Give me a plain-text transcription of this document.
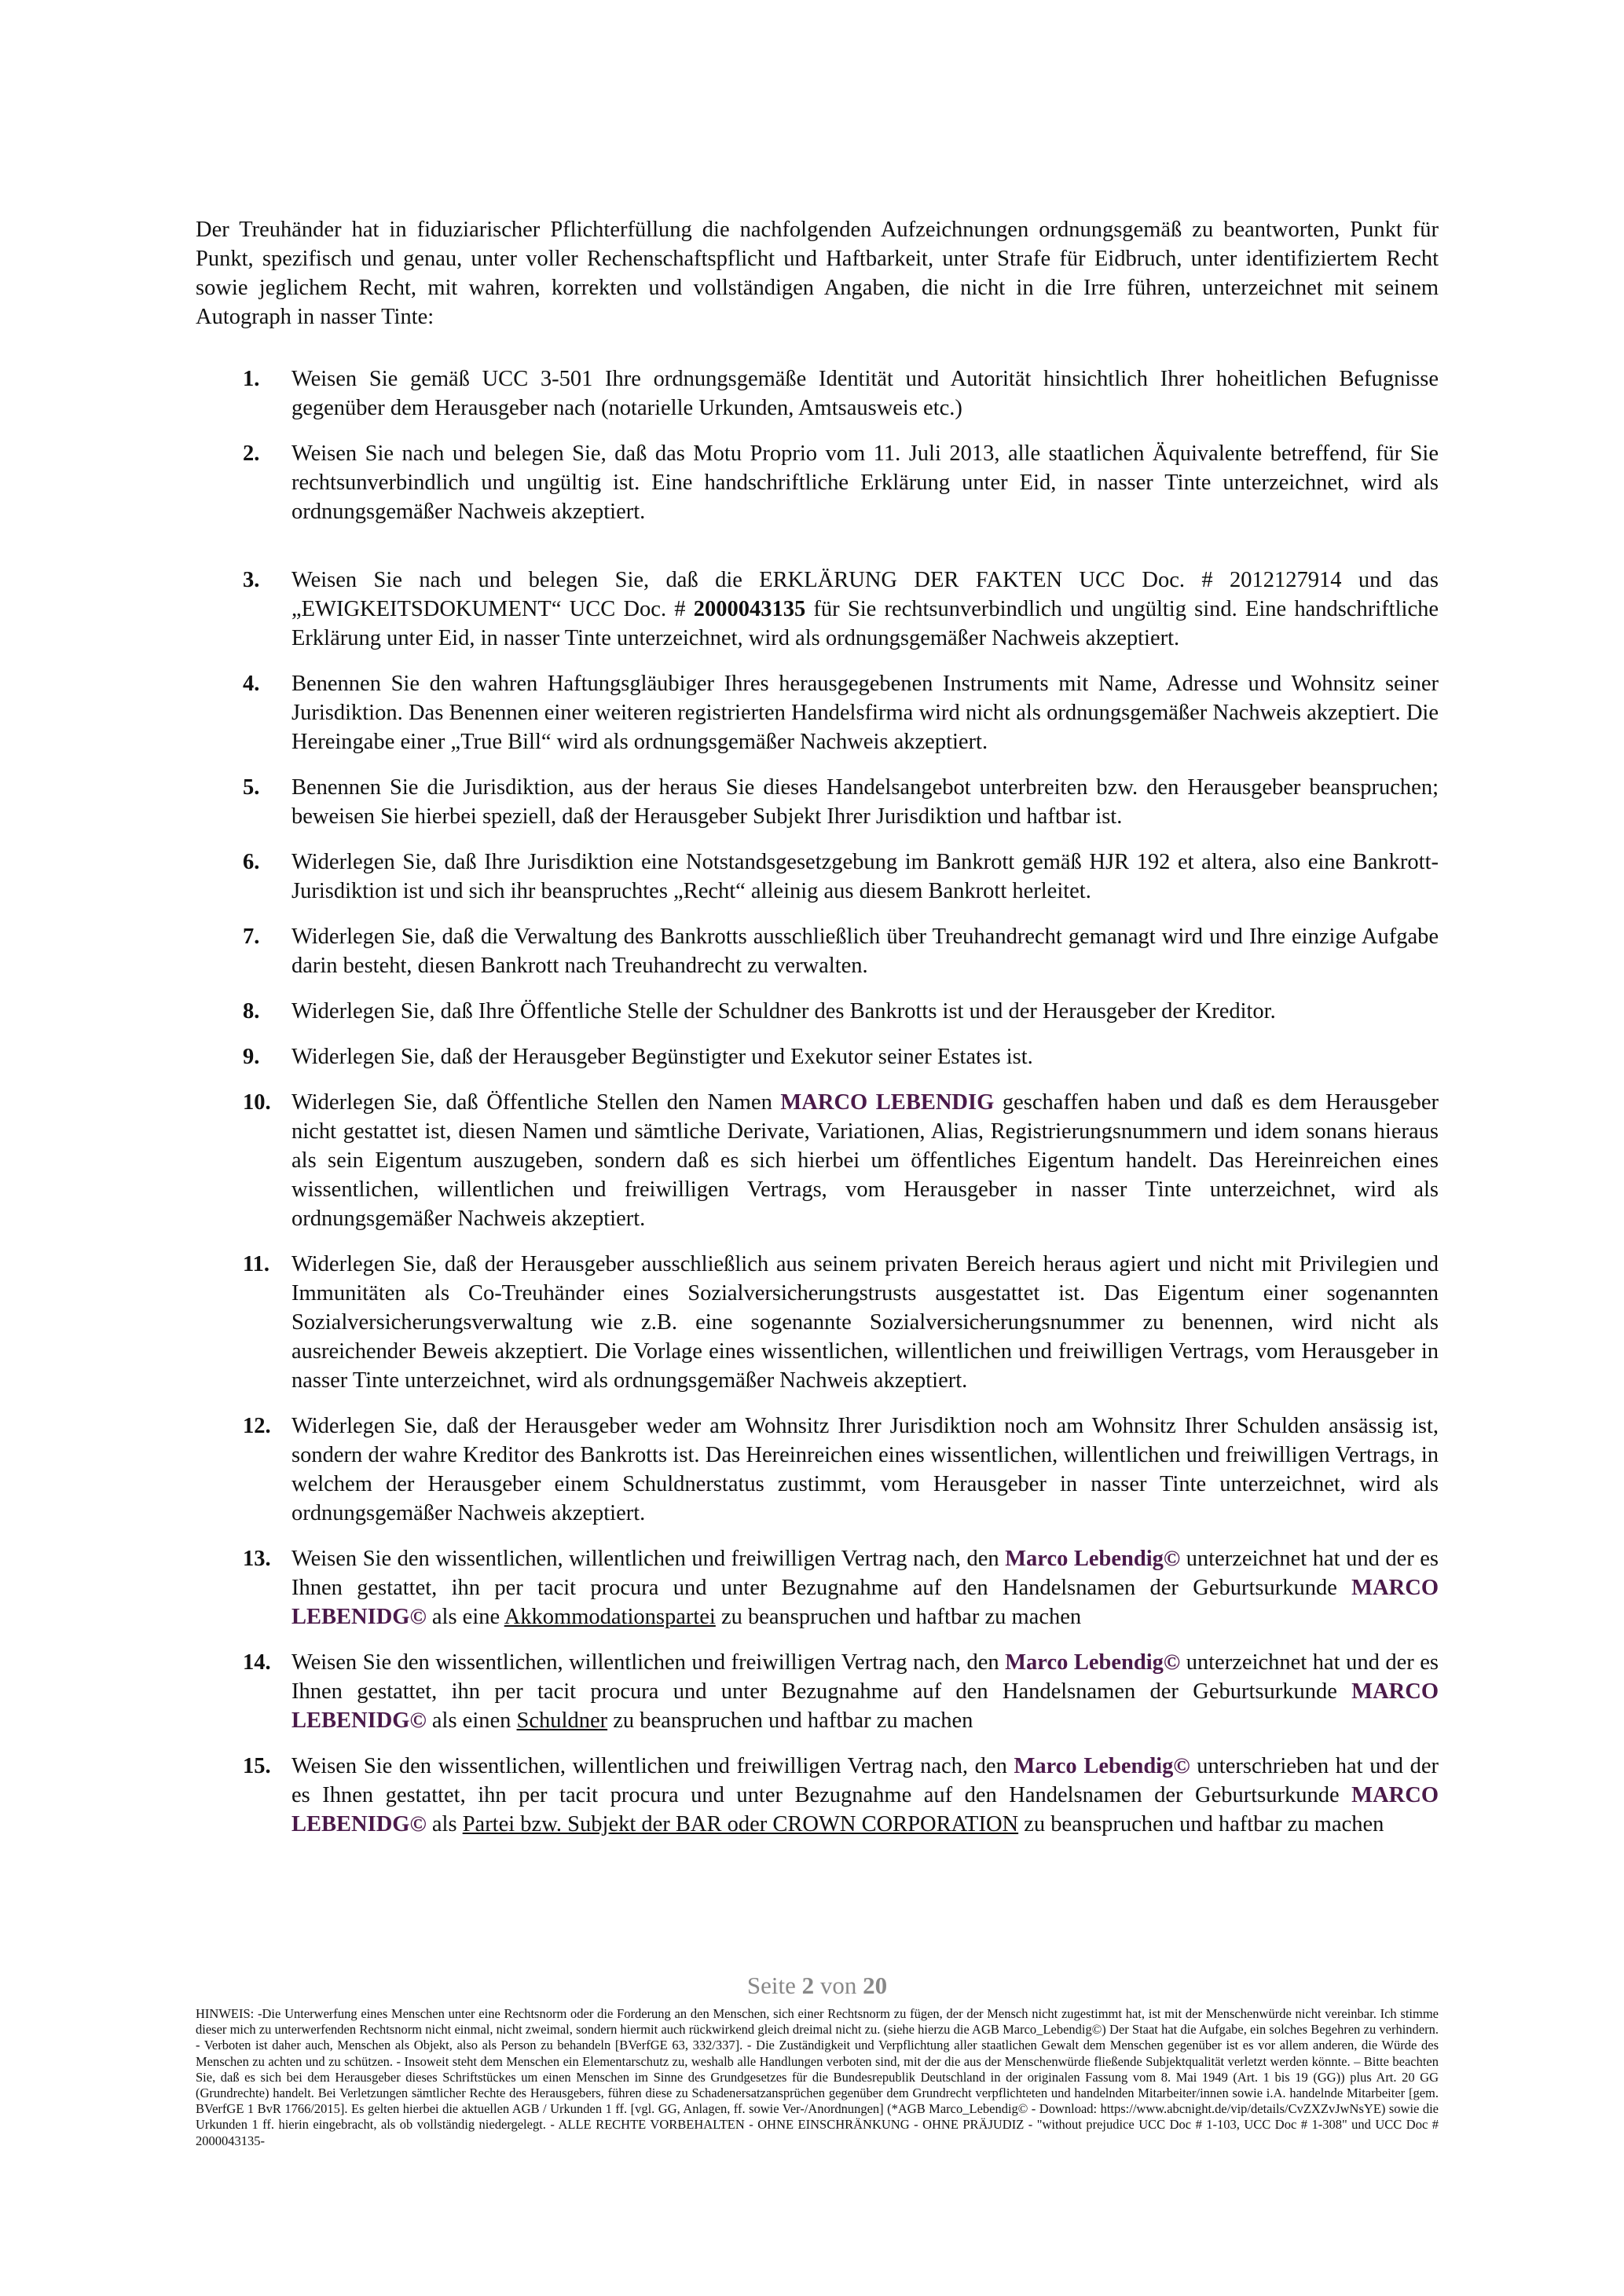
Der Treuhänder hat in fiduziarischer Pflichterfüllung die nachfolgenden Aufzeichnungen ordnungsgemäß zu beantworten, Punkt für Punkt, spezifisch und genau, unter voller Rechenschaftspflicht und Haftbarkeit, unter Strafe für Eidbruch, unter identifiziertem Recht sowie jeglichem Recht, mit wahren, korrekten und vollständigen Angaben, die nicht in die Irre führen, unterzeichnet mit seinem Autograph in nasser Tinte:

1.	Weisen Sie gemäß UCC 3-501 Ihre ordnungsgemäße Identität und Autorität hinsichtlich Ihrer hoheitlichen Befugnisse gegenüber dem Herausgeber nach (notarielle Urkunden, Amtsausweis etc.)
2.	Weisen Sie nach und belegen Sie, daß das Motu Proprio vom 11. Juli 2013, alle staatlichen Äquivalente betreffend, für Sie rechtsunverbindlich und ungültig ist. Eine handschriftliche Erklärung unter Eid, in nasser Tinte unterzeichnet, wird als ordnungsgemäßer Nachweis akzeptiert.
3.	Weisen Sie nach und belegen Sie, daß die ERKLÄRUNG DER FAKTEN UCC Doc. # 2012127914 und das „EWIGKEITSDOKUMENT“ UCC Doc. # 2000043135 für Sie rechtsunverbindlich und ungültig sind. Eine handschriftliche Erklärung unter Eid, in nasser Tinte unterzeichnet, wird als ordnungsgemäßer Nachweis akzeptiert.
4.	Benennen Sie den wahren Haftungsgläubiger Ihres herausgegebenen Instruments mit Name, Adresse und Wohnsitz seiner Jurisdiktion. Das Benennen einer weiteren registrierten Handelsfirma wird nicht als ordnungsgemäßer Nachweis akzeptiert. Die Hereingabe einer „True Bill“ wird als ordnungsgemäßer Nachweis akzeptiert.
5.	Benennen Sie die Jurisdiktion, aus der heraus Sie dieses Handelsangebot unterbreiten bzw. den Herausgeber beanspruchen; beweisen Sie hierbei speziell, daß der Herausgeber Subjekt Ihrer Jurisdiktion und haftbar ist.
6.	Widerlegen Sie, daß Ihre Jurisdiktion eine Notstandsgesetzgebung im Bankrott gemäß HJR 192 et altera, also eine Bankrott-Jurisdiktion ist und sich ihr beanspruchtes „Recht“ alleinig aus diesem Bankrott herleitet.
7.	Widerlegen Sie, daß die Verwaltung des Bankrotts ausschließlich über Treuhandrecht gemanagt wird und Ihre einzige Aufgabe darin besteht, diesen Bankrott nach Treuhandrecht zu verwalten.
8.	Widerlegen Sie, daß Ihre Öffentliche Stelle der Schuldner des Bankrotts ist und der Herausgeber der Kreditor.
9.	Widerlegen Sie, daß der Herausgeber Begünstigter und Exekutor seiner Estates ist.
10. Widerlegen Sie, daß Öffentliche Stellen den Namen MARCO LEBENDIG geschaffen haben und daß es dem Herausgeber nicht gestattet ist, diesen Namen und sämtliche Derivate, Variationen, Alias, Registrierungsnummern und idem sonans hieraus als sein Eigentum auszugeben, sondern daß es sich hierbei um öffentliches Eigentum handelt. Das Hereinreichen eines wissentlichen, willentlichen und freiwilligen Vertrags, vom Herausgeber in nasser Tinte unterzeichnet, wird als ordnungsgemäßer Nachweis akzeptiert.
11. Widerlegen Sie, daß der Herausgeber ausschließlich aus seinem privaten Bereich heraus agiert und nicht mit Privilegien und Immunitäten als Co-Treuhänder eines Sozialversicherungstrusts ausgestattet ist. Das Eigentum einer sogenannten Sozialversicherungsverwaltung wie z.B. eine sogenannte Sozialversicherungsnummer zu benennen, wird nicht als ausreichender Beweis akzeptiert. Die Vorlage eines wissentlichen, willentlichen und freiwilligen Vertrags, vom Herausgeber in nasser Tinte unterzeichnet, wird als ordnungsgemäßer Nachweis akzeptiert.
12. Widerlegen Sie, daß der Herausgeber weder am Wohnsitz Ihrer Jurisdiktion noch am Wohnsitz Ihrer Schulden ansässig ist, sondern der wahre Kreditor des Bankrotts ist. Das Hereinreichen eines wissentlichen, willentlichen und freiwilligen Vertrags, in welchem der Herausgeber einem Schuldnerstatus zustimmt, vom Herausgeber in nasser Tinte unterzeichnet, wird als ordnungsgemäßer Nachweis akzeptiert.
13. Weisen Sie den wissentlichen, willentlichen und freiwilligen Vertrag nach, den Marco Lebendig© unterzeichnet hat und der es Ihnen gestattet, ihn per tacit procura und unter Bezugnahme auf den Handelsnamen der Geburtsurkunde MARCO LEBENIDG© als eine Akkommodationspartei zu beanspruchen und haftbar zu machen
14. Weisen Sie den wissentlichen, willentlichen und freiwilligen Vertrag nach, den Marco Lebendig© unterzeichnet hat und der es Ihnen gestattet, ihn per tacit procura und unter Bezugnahme auf den Handelsnamen der Geburtsurkunde MARCO LEBENIDG© als einen Schuldner zu beanspruchen und haftbar zu machen
15. Weisen Sie den wissentlichen, willentlichen und freiwilligen Vertrag nach, den Marco Lebendig© unterschrieben hat und der es Ihnen gestattet, ihn per tacit procura und unter Bezugnahme auf den Handelsnamen der Geburtsurkunde MARCO LEBENIDG© als Partei bzw. Subjekt der BAR oder CROWN CORPORATION zu beanspruchen und haftbar zu machen

Seite 2 von 20

HINWEIS: -Die Unterwerfung eines Menschen unter eine Rechtsnorm oder die Forderung an den Menschen, sich einer Rechtsnorm zu fügen, der der Mensch nicht zugestimmt hat, ist mit der Menschenwürde nicht vereinbar. Ich stimme dieser mich zu unterwerfenden Rechtsnorm nicht einmal, nicht zweimal, sondern hiermit auch rückwirkend gleich dreimal nicht zu. (siehe hierzu die AGB Marco_Lebendig©) Der Staat hat die Aufgabe, ein solches Begehren zu verhindern. - Verboten ist daher auch, Menschen als Objekt, also als Person zu behandeln [BVerfGE 63, 332/337]. - Die Zuständigkeit und Verpflichtung aller staatlichen Gewalt dem Menschen gegenüber ist es vor allem anderen, die Würde des Menschen zu achten und zu schützen. - Insoweit steht dem Menschen ein Elementarschutz zu, weshalb alle Handlungen verboten sind, mit der die aus der Menschenwürde fließende Subjektqualität verletzt werden könnte. – Bitte beachten Sie, daß es sich bei dem Herausgeber dieses Schriftstückes um einen Menschen im Sinne des Grundgesetzes für die Bundesrepublik Deutschland in der originalen Fassung vom 8. Mai 1949 (Art. 1 bis 19 (GG)) plus Art. 20 GG (Grundrechte) handelt. Bei Verletzungen sämtlicher Rechte des Herausgebers, führen diese zu Schadenersatzansprüchen gegenüber dem Grundrecht verpflichteten und handelnden Mitarbeiter/innen sowie i.A. handelnde Mitarbeiter [gem. BVerfGE 1 BvR 1766/2015]. Es gelten hierbei die aktuellen AGB / Urkunden 1 ff. [vgl. GG, Anlagen, ff. sowie Ver-/Anordnungen] (*AGB Marco_Lebendig© - Download: https://www.abcnight.de/vip/details/CvZXZvJwNsYE) sowie die Urkunden 1 ff. hierin eingebracht, als ob vollständig niedergelegt. - ALLE RECHTE VORBEHALTEN - OHNE EINSCHRÄNKUNG - OHNE PRÄJUDIZ - "without prejudice UCC Doc # 1-103, UCC Doc # 1-308" und UCC Doc # 2000043135-
